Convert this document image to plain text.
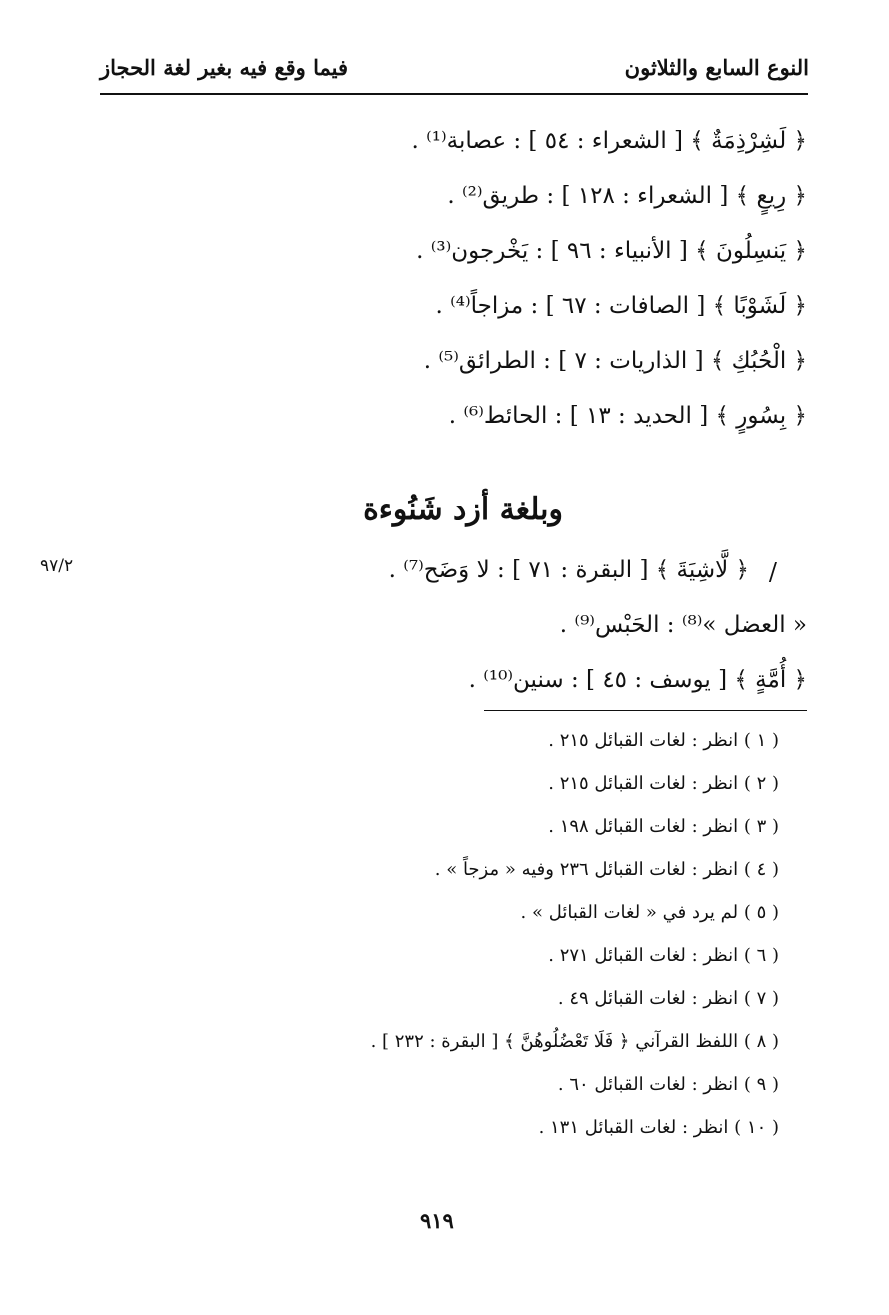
النوع السابع والثلاثون
فيما وقع فيه بغير لغة الحجاز
﴿ لَشِرْذِمَةٌ ﴾ [ الشعراء : ٥٤ ] : عصابة⁽¹⁾ .
﴿ رِيعٍ ﴾ [ الشعراء : ١٢٨ ] : طريق⁽²⁾ .
﴿ يَنسِلُونَ ﴾ [ الأنبياء : ٩٦ ] : يَخْرجون⁽³⁾ .
﴿ لَشَوْبًا ﴾ [ الصافات : ٦٧ ] : مزاجاً⁽⁴⁾ .
﴿ الْحُبُكِ ﴾ [ الذاريات : ٧ ] : الطرائق⁽⁵⁾ .
﴿ بِسُورٍ ﴾ [ الحديد : ١٣ ] : الحائط⁽⁶⁾ .
وبلغة أزد شَنُوءة
٩٧/٢	/
﴿ لَّاشِيَةَ ﴾ [ البقرة : ٧١ ] : لا وَضَح⁽⁷⁾ .
« العضل »⁽⁸⁾ : الحَبْس⁽⁹⁾ .
﴿ أُمَّةٍ ﴾ [ يوسف : ٤٥ ] : سنين⁽¹⁰⁾ .
( ١ ) انظر : لغات القبائل ٢١٥ .
( ٢ ) انظر : لغات القبائل ٢١٥ .
( ٣ ) انظر : لغات القبائل ١٩٨ .
( ٤ ) انظر : لغات القبائل ٢٣٦ وفيه « مزجاً » .
( ٥ ) لم يرد في « لغات القبائل » .
( ٦ ) انظر : لغات القبائل ٢٧١ .
( ٧ ) انظر : لغات القبائل ٤٩ .
( ٨ ) اللفظ القرآني ﴿ فَلَا تَعْضُلُوهُنَّ ﴾ [ البقرة : ٢٣٢ ] .
( ٩ ) انظر : لغات القبائل ٦٠ .
( ١٠ ) انظر : لغات القبائل ١٣١ .
٩١٩
